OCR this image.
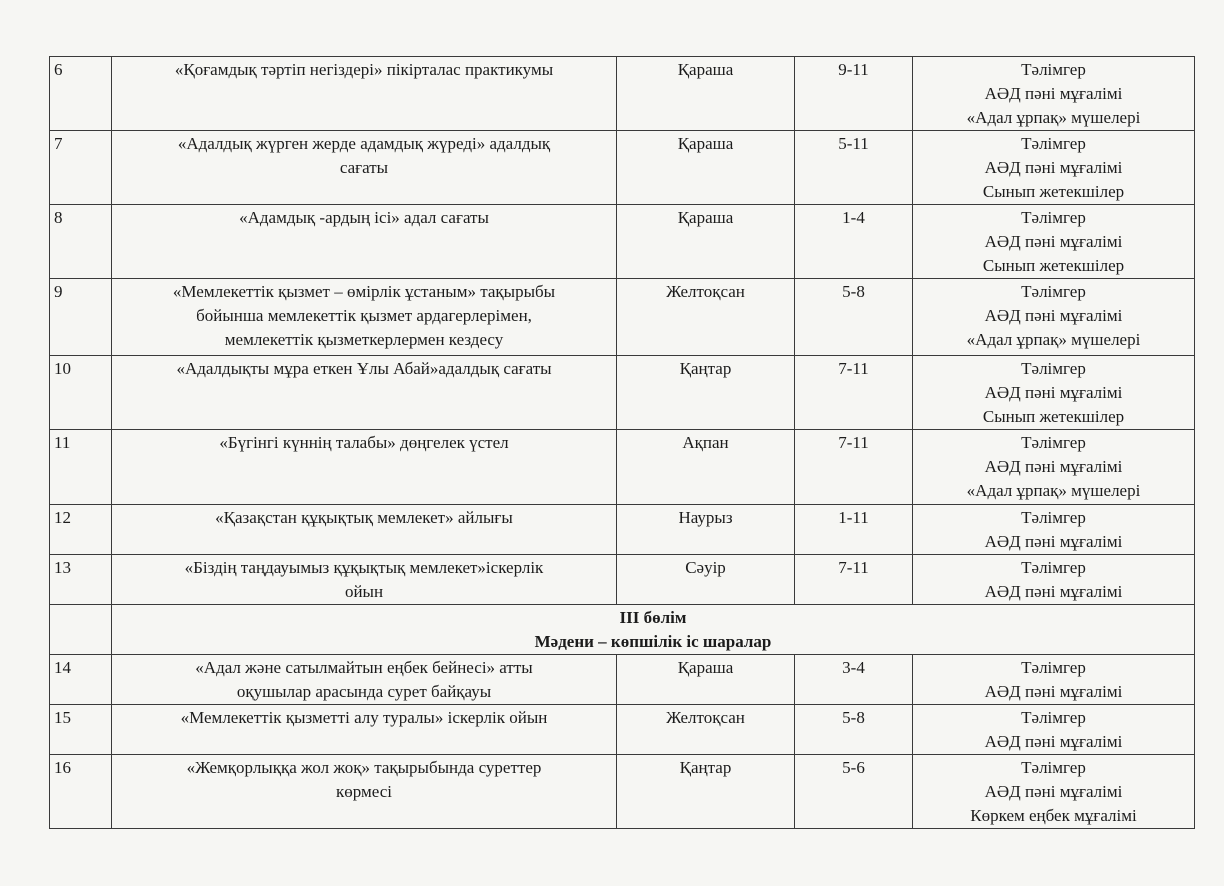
6	«Қоғамдық тәртіп негіздері» пікірталас практикумы	Қараша	9-11	Тәлімгер
АӘД пәні мұғалімі
«Адал ұрпақ» мүшелері

7	«Адалдық жүрген жерде адамдық жүреді» адалдық
сағаты	Қараша	5-11	Тәлімгер
АӘД пәні мұғалімі
Сынып жетекшілер

8	«Адамдық -ардың ісі» адал сағаты	Қараша	1-4	Тәлімгер
АӘД пәні мұғалімі
Сынып жетекшілер

9	«Мемлекеттік қызмет – өмірлік ұстаным» тақырыбы
бойынша мемлекеттік қызмет ардагерлерімен,
мемлекеттік қызметкерлермен кездесу	Желтоқсан	5-8	Тәлімгер
АӘД пәні мұғалімі
«Адал ұрпақ» мүшелері

10	«Адалдықты мұра еткен Ұлы Абай»адалдық сағаты	Қаңтар	7-11	Тәлімгер
АӘД пәні мұғалімі
Сынып жетекшілер

11	«Бүгінгі күннің талабы» дөңгелек үстел	Ақпан	7-11	Тәлімгер
АӘД пәні мұғалімі
«Адал ұрпақ» мүшелері

12	«Қазақстан құқықтық мемлекет» айлығы	Наурыз	1-11	Тәлімгер
АӘД пәні мұғалімі

13	«Біздің таңдауымыз құқықтық мемлекет»іскерлік
ойын	Сәуір	7-11	Тәлімгер
АӘД пәні мұғалімі

	ІІІ бөлім
Мәдени – көпшілік іс шаралар			

14	«Адал және сатылмайтын еңбек бейнесі» атты
оқушылар арасында сурет байқауы	Қараша	3-4	Тәлімгер
АӘД пәні мұғалімі

15	«Мемлекеттік қызметті алу туралы» іскерлік ойын	Желтоқсан	5-8	Тәлімгер
АӘД пәні мұғалімі

16	«Жемқорлыққа жол жоқ» тақырыбында суреттер
көрмесі	Қаңтар	5-6	Тәлімгер
АӘД пәні мұғалімі
Көркем еңбек мұғалімі
